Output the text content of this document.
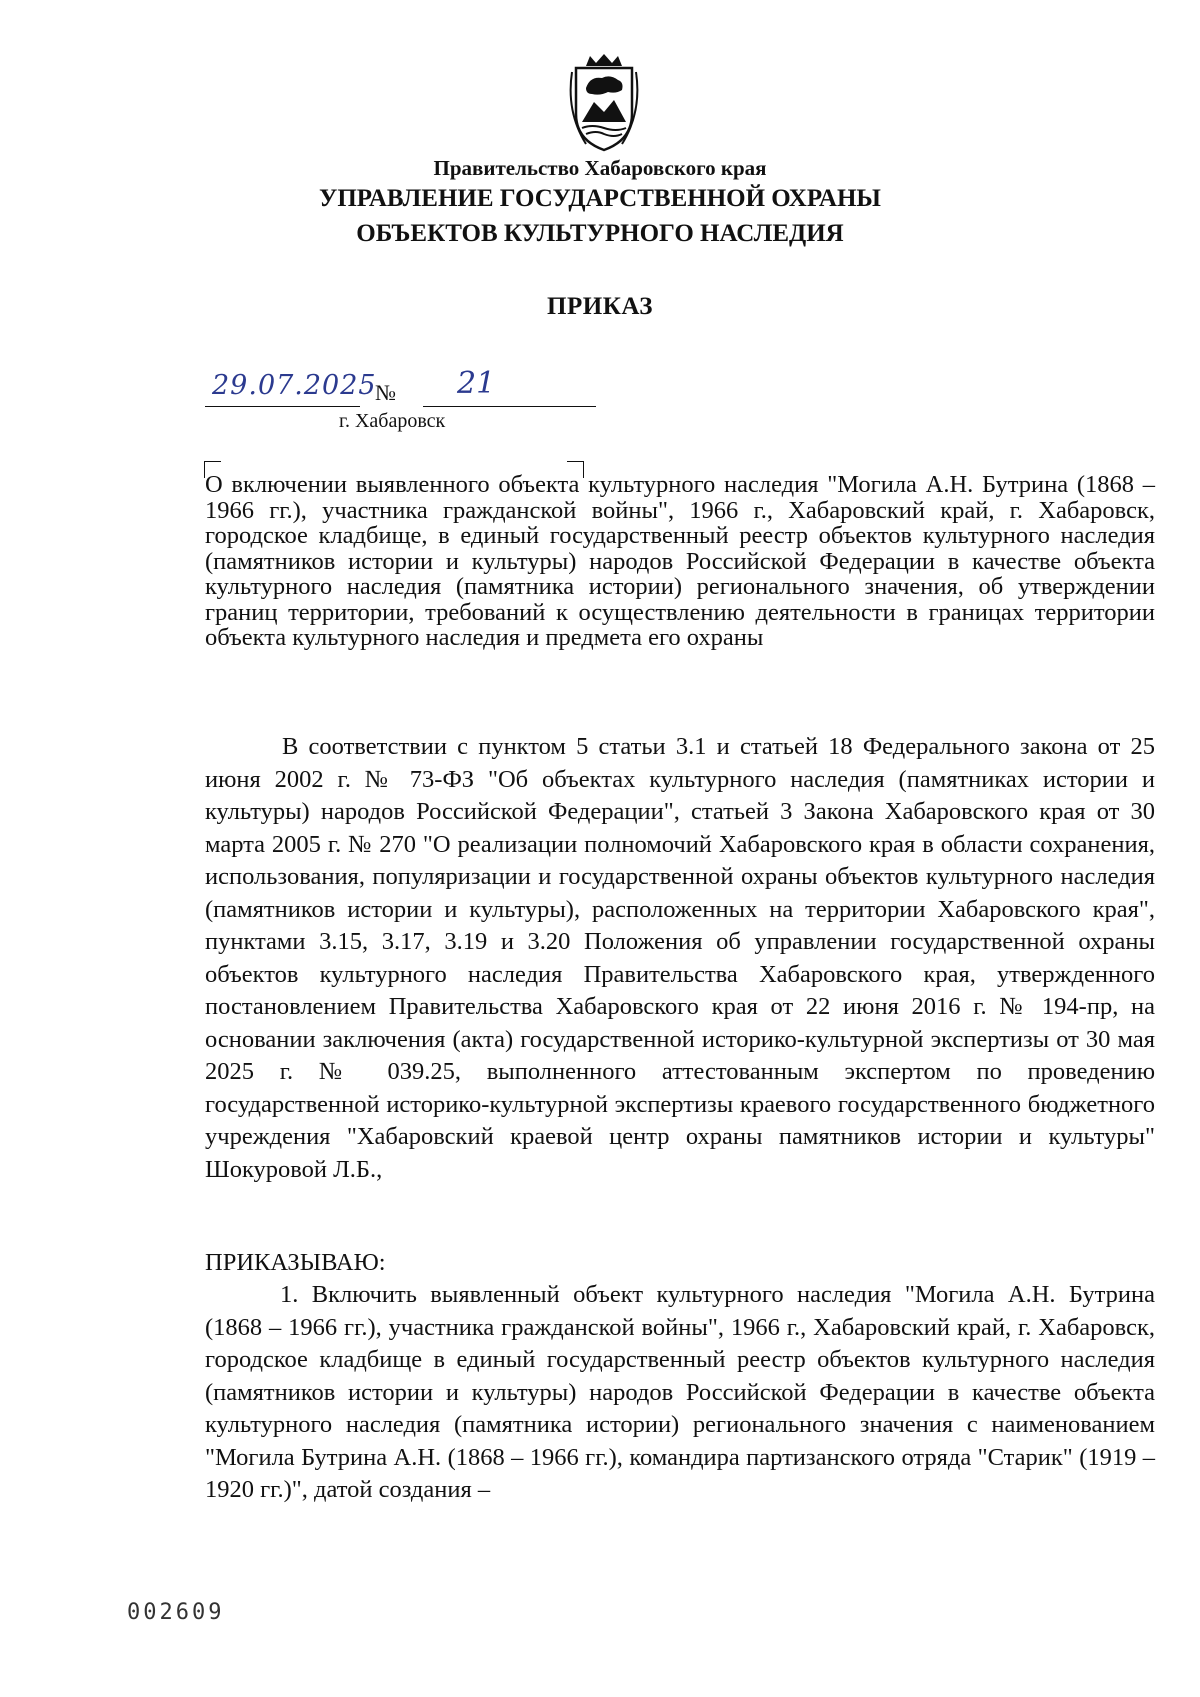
Правительство Хабаровского края
УПРАВЛЕНИЕ ГОСУДАРСТВЕННОЙ ОХРАНЫ
ОБЪЕКТОВ КУЛЬТУРНОГО НАСЛЕДИЯ
ПРИКАЗ
29.07.2025
№ 21
г. Хабаровск
О включении выявленного объекта культурного наследия "Могила А.Н. Бутрина (1868 – 1966 гг.), участника гражданской войны", 1966 г., Хабаровский край, г. Хабаровск, городское кладбище, в единый государственный реестр объектов культурного наследия (памятников истории и культуры) народов Российской Федерации в качестве объекта культурного наследия (памятника истории) регионального значения, об утверждении границ территории, требований к осуществлению деятельности в границах территории объекта культурного наследия и предмета его охраны
В соответствии с пунктом 5 статьи 3.1 и статьей 18 Федерального закона от 25 июня 2002 г. № 73-ФЗ "Об объектах культурного наследия (памятниках истории и культуры) народов Российской Федерации", статьей 3 Закона Хабаровского края от 30 марта 2005 г. № 270 "О реализации полномочий Хабаровского края в области сохранения, использования, популяризации и государственной охраны объектов культурного наследия (памятников истории и культуры), расположенных на территории Хабаровского края", пунктами 3.15, 3.17, 3.19 и 3.20 Положения об управлении государственной охраны объектов культурного наследия Правительства Хабаровского края, утвержденного постановлением Правительства Хабаровского края от 22 июня 2016 г. № 194-пр, на основании заключения (акта) государственной историко-культурной экспертизы от 30 мая 2025 г. № 039.25, выполненного аттестованным экспертом по проведению государственной историко-культурной экспертизы краевого государственного бюджетного учреждения "Хабаровский краевой центр охраны памятников истории и культуры" Шокуровой Л.Б.,
ПРИКАЗЫВАЮ:
1. Включить выявленный объект культурного наследия "Могила А.Н. Бутрина (1868 – 1966 гг.), участника гражданской войны", 1966 г., Хабаровский край, г. Хабаровск, городское кладбище в единый государственный реестр объектов культурного наследия (памятников истории и культуры) народов Российской Федерации в качестве объекта культурного наследия (памятника истории) регионального значения с наименованием "Могила Бутрина А.Н. (1868 – 1966 гг.), командира партизанского отряда "Старик" (1919 – 1920 гг.)", датой создания –
002609
